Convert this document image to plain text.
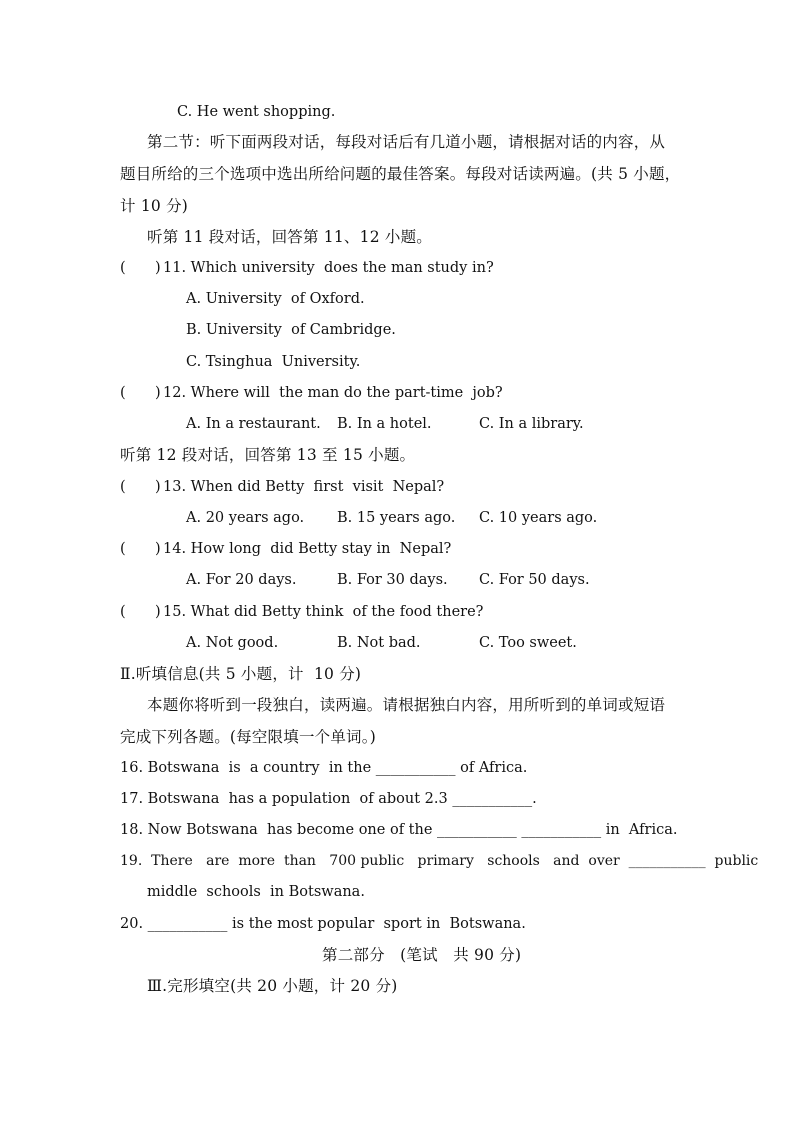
C. He went shopping.
第二节：听下面两段对话，每段对话后有几道小题，请根据对话的内容，从
题目所给的三个选项中选出所给问题的最佳答案。每段对话读两遍。(共 5 小题，
计 10 分)
听第 11 段对话，回答第 11、12 小题。
( ) 11. Which university  does the man study in?
A. University  of Oxford.
B. University  of Cambridge.
C. Tsinghua  University.
( ) 12. Where will  the man do the part-time  job?
A. In a restaurant. B. In a hotel.	C. In a library.
听第 12 段对话，回答第 13 至 15 小题。
( ) 13. When did Betty  first  visit  Nepal?
A. 20 years ago. B. 15 years ago. C. 10 years ago.
( ) 14. How long  did Betty stay in  Nepal?
A. For 20 days.	B. For 30 days. C. For 50 days.
( ) 15. What did Betty think  of the food there?
A. Not good.	B. Not bad.	C. Too sweet.
Ⅱ.听填信息(共 5 小题，计  10 分)
本题你将听到一段独白，读两遍。请根据独白内容，用所听到的单词或短语
完成下列各题。(每空限填一个单词。)
16. Botswana  is  a country  in the ___________ of Africa.
17. Botswana  has a population  of about 2.3 ___________.
18. Now Botswana  has become one of the ___________ ___________ in  Africa.
19.  There   are  more  than   700 public   primary   schools   and  over  ___________  public
middle  schools  in Botswana.
20. ___________ is the most popular  sport in  Botswana.
第二部分   (笔试   共 90 分)
Ⅲ.完形填空(共 20 小题，计 20 分)
